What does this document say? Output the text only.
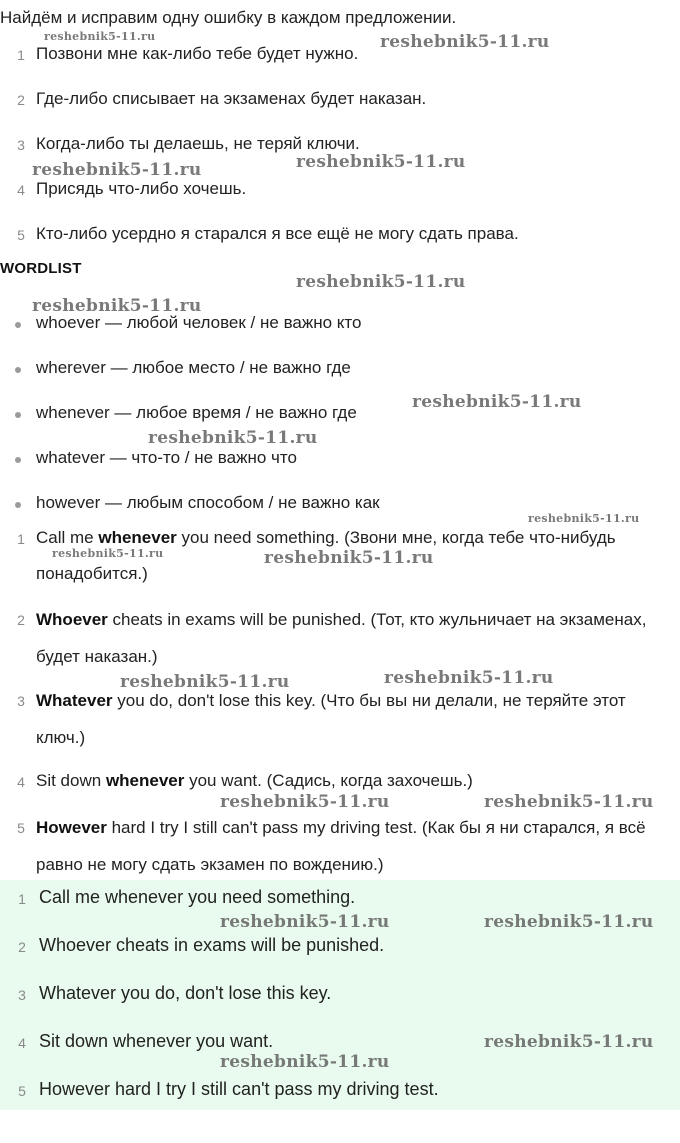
Найдём и исправим одну ошибку в каждом предложении.
1 Позвони мне как-либо тебе будет нужно.
2 Где-либо списывает на экзаменах будет наказан.
3 Когда-либо ты делаешь, не теряй ключи.
4 Присядь что-либо хочешь.
5 Кто-либо усердно я старался я все ещё не могу сдать права.
WORDLIST
whoever — любой человек / не важно кто
wherever — любое место / не важно где
whenever — любое время / не важно где
whatever — что-то / не важно что
however — любым способом / не важно как
1 Call me whenever you need something. (Звони мне, когда тебе что-нибудь понадобится.)
2 Whoever cheats in exams will be punished. (Тот, кто жульничает на экзаменах, будет наказан.)
3 Whatever you do, don't lose this key. (Что бы вы ни делали, не теряйте этот ключ.)
4 Sit down whenever you want. (Садись, когда захочешь.)
5 However hard I try I still can't pass my driving test. (Как бы я ни старался, я всё равно не могу сдать экзамен по вождению.)
1 Call me whenever you need something.
2 Whoever cheats in exams will be punished.
3 Whatever you do, don't lose this key.
4 Sit down whenever you want.
5 However hard I try I still can't pass my driving test.
reshebnik5-11.ru	reshebnik5-11.ru
reshebnik5-11.ru
reshebnik5-11.ru
reshebnik5-11.ru
reshebnik5-11.ru
reshebnik5-11.ru
reshebnik5-11.ru
reshebnik5-11.ru
reshebnik5-11.ru	reshebnik5-11.ru
reshebnik5-11.ru
reshebnik5-11.ru
reshebnik5-11.ru	reshebnik5-11.ru
reshebnik5-11.ru	reshebnik5-11.ru
reshebnik5-11.ru
reshebnik5-11.ru
